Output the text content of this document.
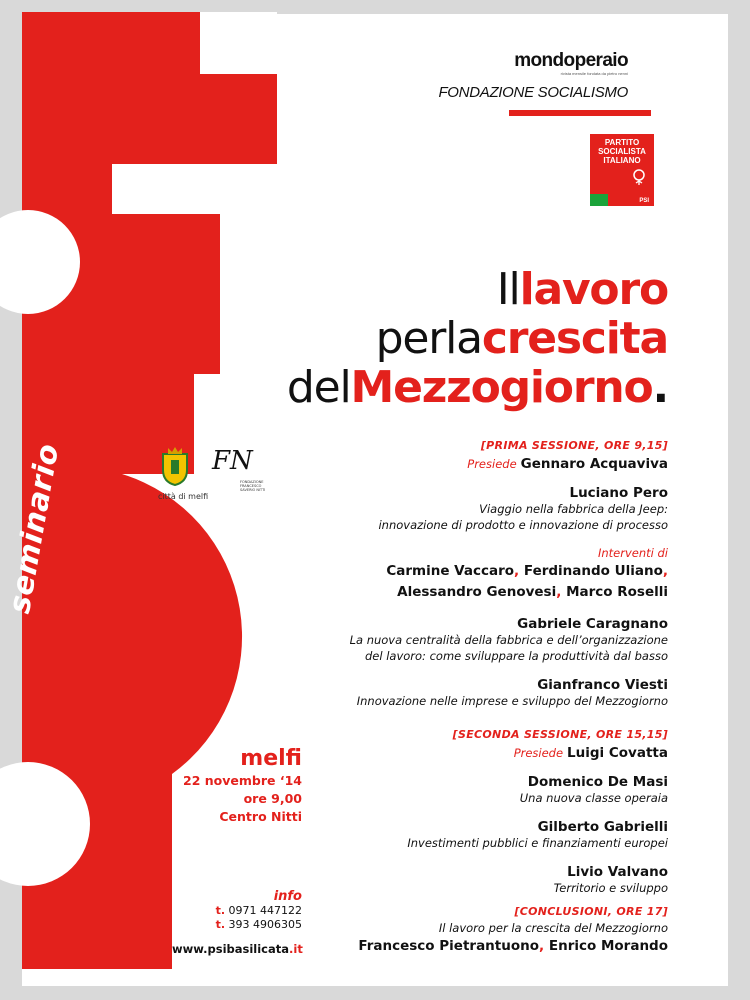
mondoperaio
rivista mensile fondata da pietro nenni
FONDAZIONE SOCIALISMO
PARTITO SOCIALISTA ITALIANO
PSI
Illavoro
perlacrescita
delMezzogiorno.
città di melfi
FN
FONDAZIONE FRANCESCO SAVERIO NITTI
seminario
melfi
22 novembre ‘14
ore 9,00
Centro Nitti
info
t. 0971 447122
t. 393 4906305
www.psibasilicata.it
[PRIMA SESSIONE, ORE 9,15]
Presiede Gennaro Acquaviva
Luciano Pero
Viaggio nella fabbrica della Jeep:
innovazione di prodotto e innovazione di processo
Interventi di
Carmine Vaccaro, Ferdinando Uliano,
Alessandro Genovesi, Marco Roselli
Gabriele Caragnano
La nuova centralità della fabbrica e dell’organizzazione
del lavoro: come sviluppare la produttività dal basso
Gianfranco Viesti
Innovazione nelle imprese e sviluppo del Mezzogiorno
[SECONDA SESSIONE, ORE 15,15]
Presiede Luigi Covatta
Domenico De Masi
Una nuova classe operaia
Gilberto Gabrielli
Investimenti pubblici e finanziamenti europei
Livio Valvano
Territorio e sviluppo
[CONCLUSIONI, ORE 17]
Il lavoro per la crescita del Mezzogiorno
Francesco Pietrantuono, Enrico Morando
